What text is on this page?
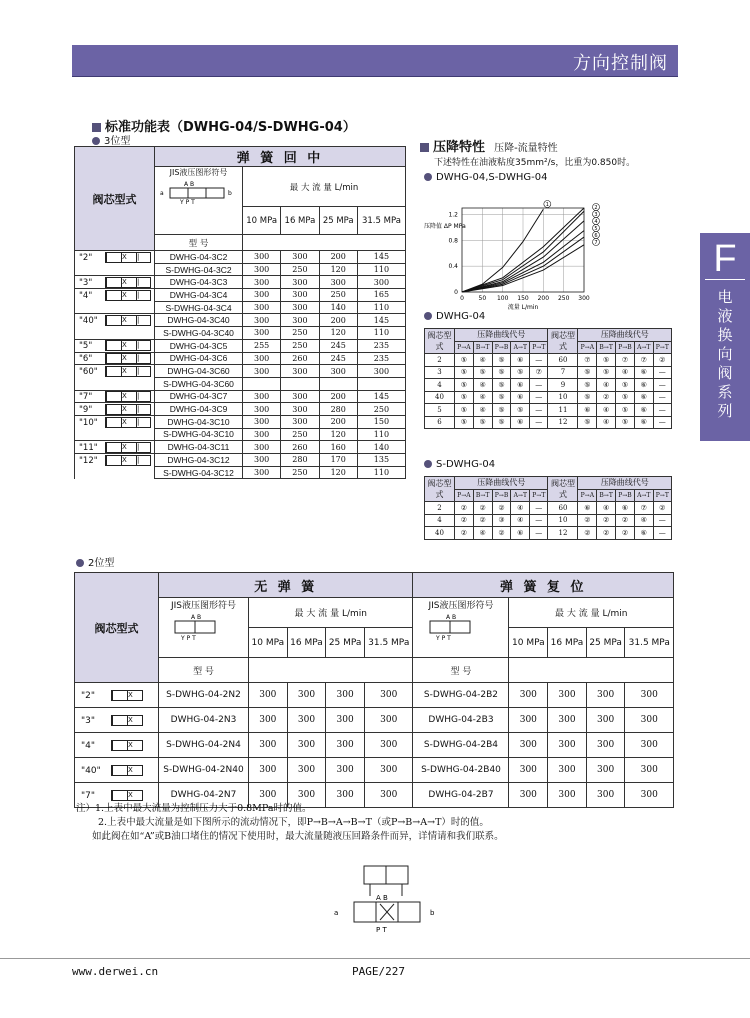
方向控制阀
F
电液换向阀系列
标准功能表（DWHG-04/S-DWHG-04）
3位型
阀芯型式	弹 簧 回 中				

	JIS液压图形符号
A B
a b
Y P T	最 大 流 量 L/min			
		10 MPa	16 MPa	25 MPa	31.5 MPa
	型 号				
"2" X |	DWHG-04-3C2	300	300	200	145
	S-DWHG-04-3C2	300	250	120	110
"3" X |	DWHG-04-3C3	300	300	300	300
"4" X |	DWHG-04-3C4	300	300	250	165
	S-DWHG-04-3C4	300	300	140	110
"40" X |	DWHG-04-3C40	300	300	200	145
	S-DWHG-04-3C40	300	250	120	110
"5" X |	DWHG-04-3C5	255	250	245	235
"6" X |	DWHG-04-3C6	300	260	245	235
"60" X |	DWHG-04-3C60	300	300	300	300
	S-DWHG-04-3C60				
"7" X |	DWHG-04-3C7	300	300	200	145
"9" X |	DWHG-04-3C9	300	300	280	250
"10" X |	DWHG-04-3C10	300	300	200	150
	S-DWHG-04-3C10	300	250	120	110
"11" X |	DWHG-04-3C11	300	260	160	140
"12" X |	DWHG-04-3C12	300	280	170	135
	S-DWHG-04-3C12	300	250	120	110
压降特性 压降-流量特性
下述特性在油液粘度35mm²/s，比重为0.850时。
DWHG-04,S-DWHG-04
0 50 100 150 200 250 300
0
0.4
0.8
1.2
流量 L/min
压降值 ΔP MPa
1	2
3
4
5
6
7
DWHG-04
阀芯型式	压降曲线代号					阀芯型式	压降曲线代号				
	P→A	B→T	P→B	A→T	P→T		P→A	B→T	P→B	A→T	P→T
2	⑤	④	⑤	⑥	—	60	⑦	⑤	⑦	⑦	②
3	⑤	⑤	⑤	⑤	⑦	7	⑤	⑤	④	⑥	—
4	⑤	④	⑤	⑥	—	9	⑤	④	⑤	⑥	—
40	⑤	④	⑤	⑥	—	10	⑤	②	⑤	⑥	—
5	⑤	④	⑤	⑤	—	11	⑥	④	⑤	⑥	—
6	⑤	⑤	⑤	⑥	—	12	⑤	④	⑤	⑥	—
S-DWHG-04
阀芯型式	压降曲线代号					阀芯型式	压降曲线代号				
	P→A	B→T	P→B	A→T	P→T		P→A	B→T	P→B	A→T	P→T
2	②	②	②	④	—	60	⑥	④	⑥	⑦	②
4	②	②	③	④	—	10	②	②	②	④	—
40	②	④	②	⑥	—	12	②	②	②	⑥	—
2位型
阀芯型式	无 弹 簧					弹 簧 复 位				

	JIS液压图形符号
A B
Y P T	最 大 流 量 L/min				JIS液压图形符号
A B
Y P T	最 大 流 量 L/min			
		10 MPa	16 MPa	25 MPa	31.5 MPa		10 MPa	16 MPa	25 MPa	31.5 MPa
	型 号					型 号				
"2" X	S-DWHG-04-2N2	300	300	300	300	S-DWHG-04-2B2	300	300	300	300
"3" X	DWHG-04-2N3	300	300	300	300	DWHG-04-2B3	300	300	300	300
"4" X	S-DWHG-04-2N4	300	300	300	300	S-DWHG-04-2B4	300	300	300	300
"40" X	S-DWHG-04-2N40	300	300	300	300	S-DWHG-04-2B40	300	300	300	300
"7" X	DWHG-04-2N7	300	300	300	300	DWHG-04-2B7	300	300	300	300
注）1.上表中最大流量为控制压力大于0.8MPa时的值。
2.上表中最大流量是如下图所示的流动情况下，即P→B→A→B→T（或P→B→A→T）时的值。
如此阀在如“A”或B油口堵住的情况下使用时，最大流量随液压回路条件而异，详情请和我们联系。
A B
a	b
P T
www.derwei.cn	PAGE/227
